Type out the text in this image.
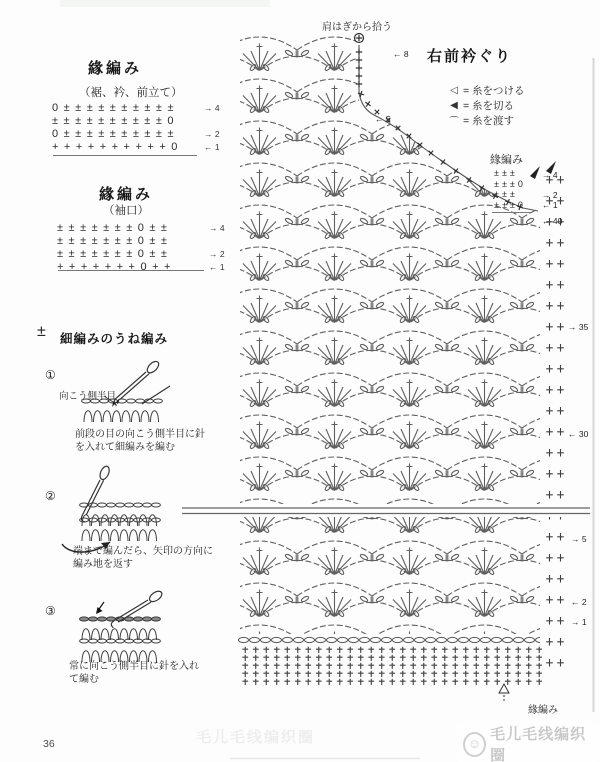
緣編み
（裾、衿、前立て）
0±±±±±±±±±±	→ 4
±±±±±±±±±±0
0±±±±±±±±±±	→ 2
++++++++++0	← 1
緣編み
（袖口）
±±±±±±±0±±	→ 4
±±±±±±±0±±
±±±±±±±0±±	→ 2
+++++++0++	← 1
肩はぎから拾う
← 8
← 5
右前衿ぐり
◁ = 糸をつける
◀ = 糸を切る
⌒ = 糸を渡す
緣編み
±±±
±±±0
±±±
±±±0
→ 4
→ 2
← 1
← 40
→ 35
← 30
→ 5
← 2
→ 1
緣編み
± 細編みのうね編み
①
向こう側半目
前段の目の向こう側半目に針を入れて細編みを編む
②
端まで編んだら、矢印の方向に編み地を返す
③
常に向こう側半目に針を入れて編む
36	毛儿毛线编织圈	☺ 毛儿毛线编织圈
